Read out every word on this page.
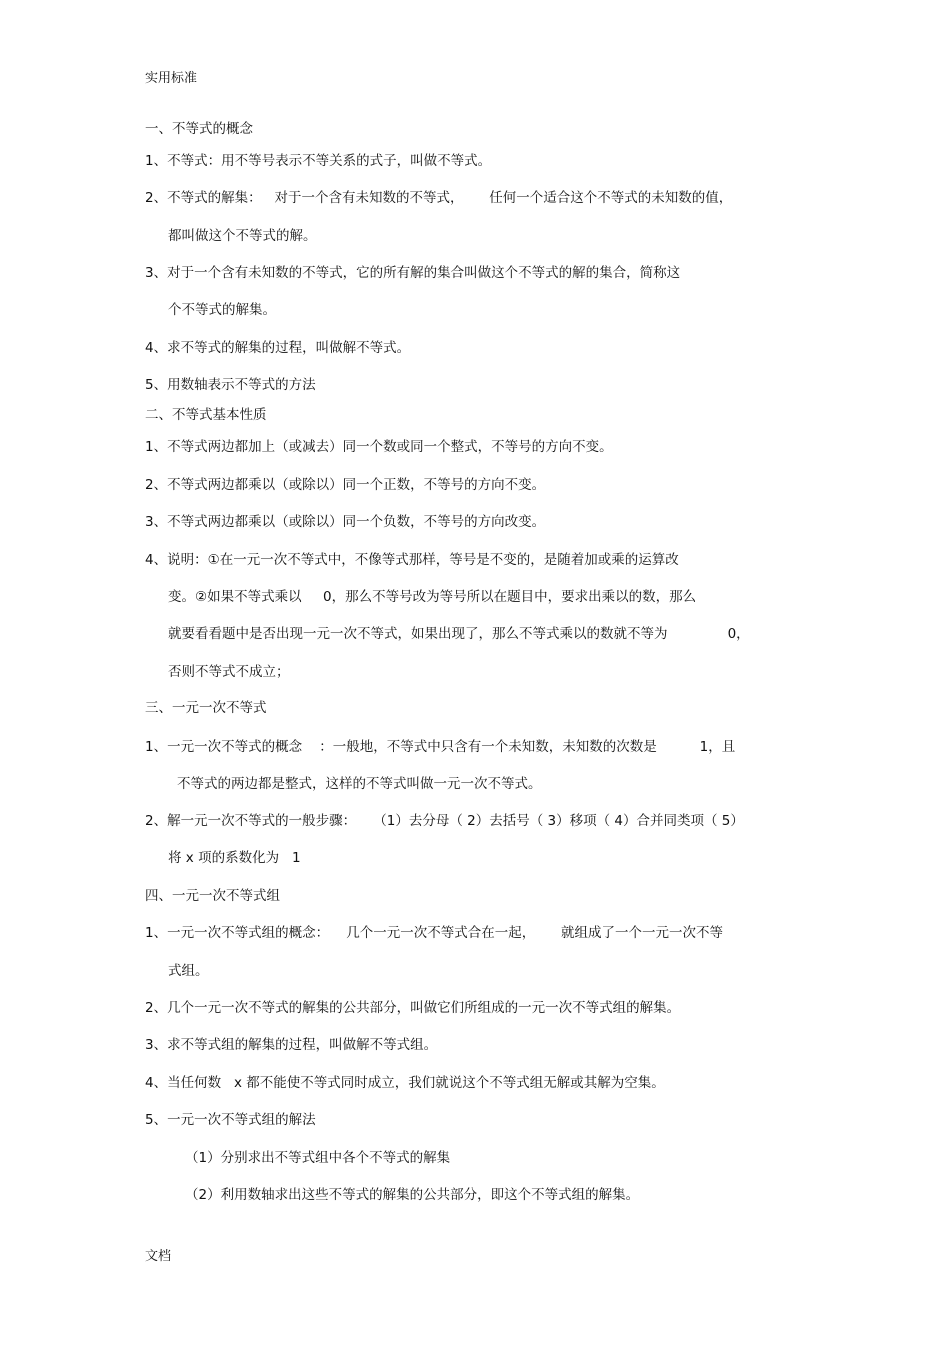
实用标准
一、不等式的概念
1、不等式：用不等号表示不等关系的式子，叫做不等式。
2、不等式的解集：   对于一个含有未知数的不等式，      任何一个适合这个不等式的未知数的值，
都叫做这个不等式的解。
3、对于一个含有未知数的不等式，它的所有解的集合叫做这个不等式的解的集合，简称这
个不等式的解集。
4、求不等式的解集的过程，叫做解不等式。
5、用数轴表示不等式的方法
二、不等式基本性质
1、不等式两边都加上（或减去）同一个数或同一个整式，不等号的方向不变。
2、不等式两边都乘以（或除以）同一个正数，不等号的方向不变。
3、不等式两边都乘以（或除以）同一个负数，不等号的方向改变。
4、说明：①在一元一次不等式中，不像等式那样，等号是不变的，是随着加或乘的运算改
变。②如果不等式乘以     0，那么不等号改为等号所以在题目中，要求出乘以的数，那么
就要看看题中是否出现一元一次不等式，如果出现了，那么不等式乘以的数就不等为              0，
否则不等式不成立；
三、一元一次不等式
1、一元一次不等式的概念    ：一般地，不等式中只含有一个未知数，未知数的次数是          1，且
不等式的两边都是整式，这样的不等式叫做一元一次不等式。
2、解一元一次不等式的一般步骤：    （1）去分母（ 2）去括号（ 3）移项（ 4）合并同类项（ 5）
将 x 项的系数化为   1
四、一元一次不等式组
1、一元一次不等式组的概念：    几个一元一次不等式合在一起，      就组成了一个一元一次不等
式组。
2、几个一元一次不等式的解集的公共部分，叫做它们所组成的一元一次不等式组的解集。
3、求不等式组的解集的过程，叫做解不等式组。
4、当任何数   x 都不能使不等式同时成立，我们就说这个不等式组无解或其解为空集。
5、一元一次不等式组的解法
（1）分别求出不等式组中各个不等式的解集
（2）利用数轴求出这些不等式的解集的公共部分，即这个不等式组的解集。
文档
